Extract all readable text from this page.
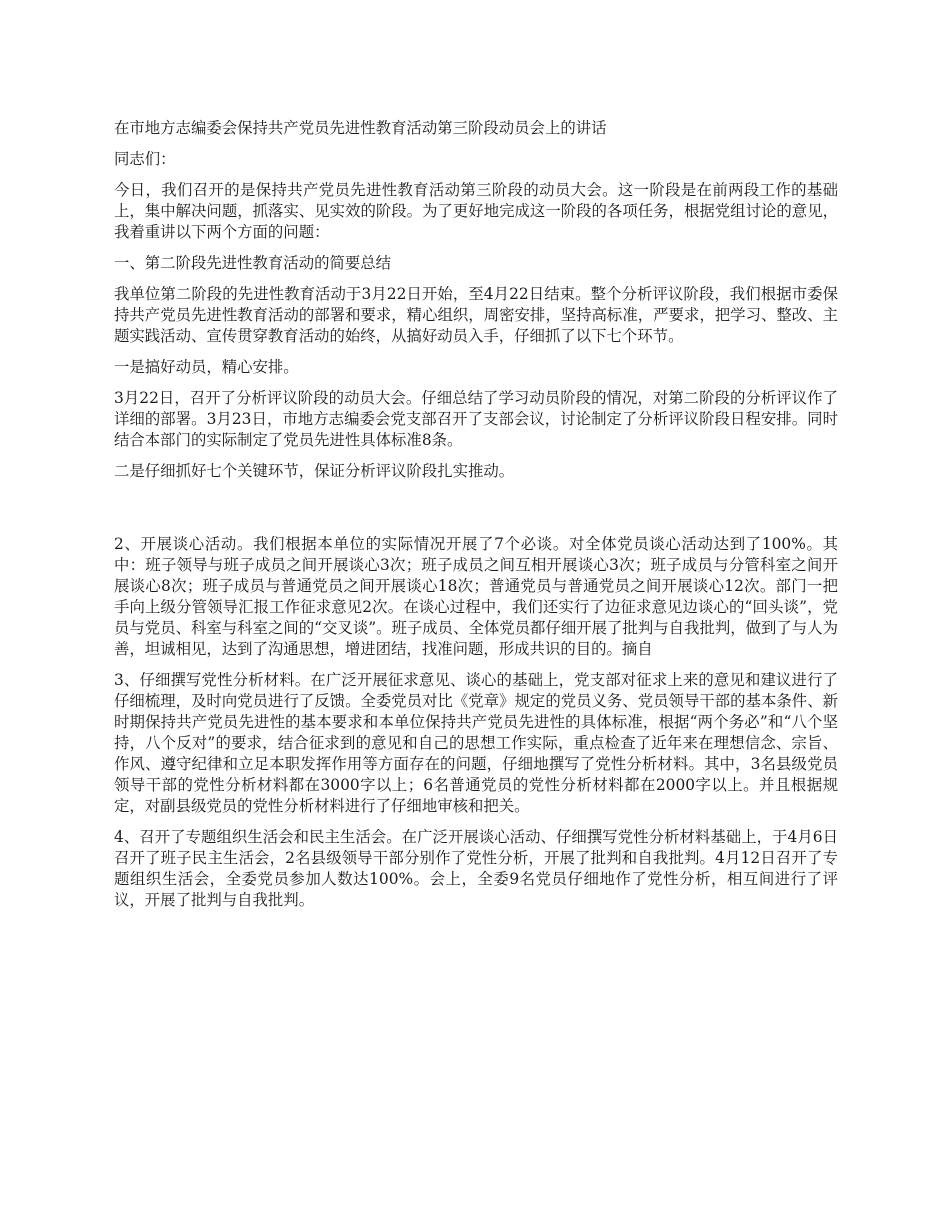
在市地方志编委会保持共产党员先进性教育活动第三阶段动员会上的讲话

同志们：

今日，我们召开的是保持共产党员先进性教育活动第三阶段的动员大会。这一阶段是在前两段工作的基础上，集中解决问题，抓落实、见实效的阶段。为了更好地完成这一阶段的各项任务，根据党组讨论的意见，我着重讲以下两个方面的问题：

一、第二阶段先进性教育活动的简要总结

我单位第二阶段的先进性教育活动于3月22日开始，至4月22日结束。整个分析评议阶段，我们根据市委保持共产党员先进性教育活动的部署和要求，精心组织，周密安排，坚持高标准，严要求，把学习、整改、主题实践活动、宣传贯穿教育活动的始终，从搞好动员入手，仔细抓了以下七个环节。

一是搞好动员，精心安排。

3月22日，召开了分析评议阶段的动员大会。仔细总结了学习动员阶段的情况，对第二阶段的分析评议作了详细的部署。3月23日，市地方志编委会党支部召开了支部会议，讨论制定了分析评议阶段日程安排。同时结合本部门的实际制定了党员先进性具体标准8条。

二是仔细抓好七个关键环节，保证分析评议阶段扎实推动。

2、开展谈心活动。我们根据本单位的实际情况开展了7个必谈。对全体党员谈心活动达到了100%。其中：班子领导与班子成员之间开展谈心3次；班子成员之间互相开展谈心3次；班子成员与分管科室之间开展谈心8次；班子成员与普通党员之间开展谈心18次；普通党员与普通党员之间开展谈心12次。部门一把手向上级分管领导汇报工作征求意见2次。在谈心过程中，我们还实行了边征求意见边谈心的“回头谈”，党员与党员、科室与科室之间的“交叉谈”。班子成员、全体党员都仔细开展了批判与自我批判，做到了与人为善，坦诚相见，达到了沟通思想，增进团结，找准问题，形成共识的目的。摘自

3、仔细撰写党性分析材料。在广泛开展征求意见、谈心的基础上，党支部对征求上来的意见和建议进行了仔细梳理，及时向党员进行了反馈。全委党员对比《党章》规定的党员义务、党员领导干部的基本条件、新时期保持共产党员先进性的基本要求和本单位保持共产党员先进性的具体标准，根据“两个务必”和“八个坚持，八个反对”的要求，结合征求到的意见和自己的思想工作实际，重点检查了近年来在理想信念、宗旨、作风、遵守纪律和立足本职发挥作用等方面存在的问题，仔细地撰写了党性分析材料。其中，3名县级党员领导干部的党性分析材料都在3000字以上；6名普通党员的党性分析材料都在2000字以上。并且根据规定，对副县级党员的党性分析材料进行了仔细地审核和把关。

4、召开了专题组织生活会和民主生活会。在广泛开展谈心活动、仔细撰写党性分析材料基础上，于4月6日召开了班子民主生活会，2名县级领导干部分别作了党性分析，开展了批判和自我批判。4月12日召开了专题组织生活会，全委党员参加人数达100%。会上，全委9名党员仔细地作了党性分析，相互间进行了评议，开展了批判与自我批判。
